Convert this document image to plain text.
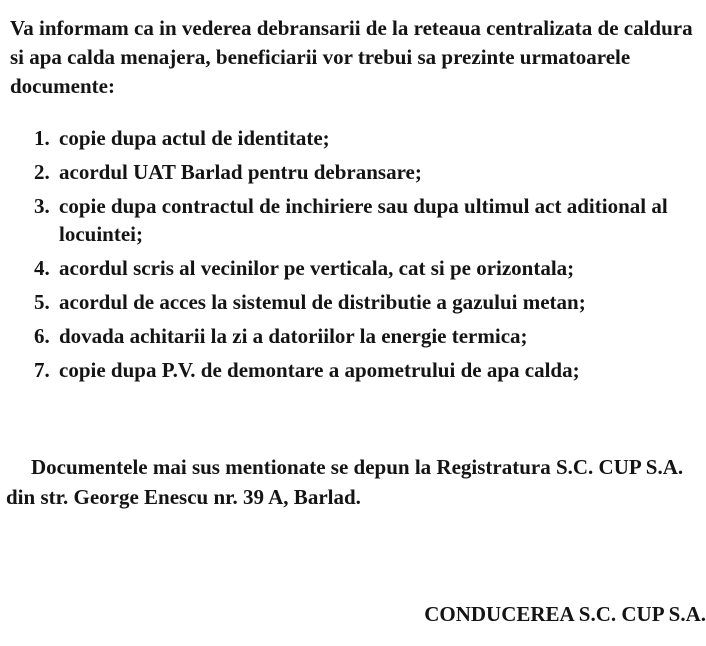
Va informam ca in vederea debransarii de la reteaua centralizata de caldura si apa calda menajera, beneficiarii vor trebui sa prezinte urmatoarele documente:

1. copie dupa actul de identitate;
2. acordul UAT Barlad pentru debransare;
3. copie dupa contractul de inchiriere sau dupa ultimul act aditional al locuintei;
4. acordul scris al vecinilor pe verticala, cat si pe orizontala;
5. acordul de acces la sistemul de distributie a gazului metan;
6. dovada achitarii la zi a datoriilor la energie termica;
7. copie dupa P.V. de demontare a apometrului de apa calda;

Documentele mai sus mentionate se depun la Registratura S.C. CUP S.A. din str. George Enescu nr. 39 A, Barlad.

CONDUCEREA S.C. CUP S.A.
